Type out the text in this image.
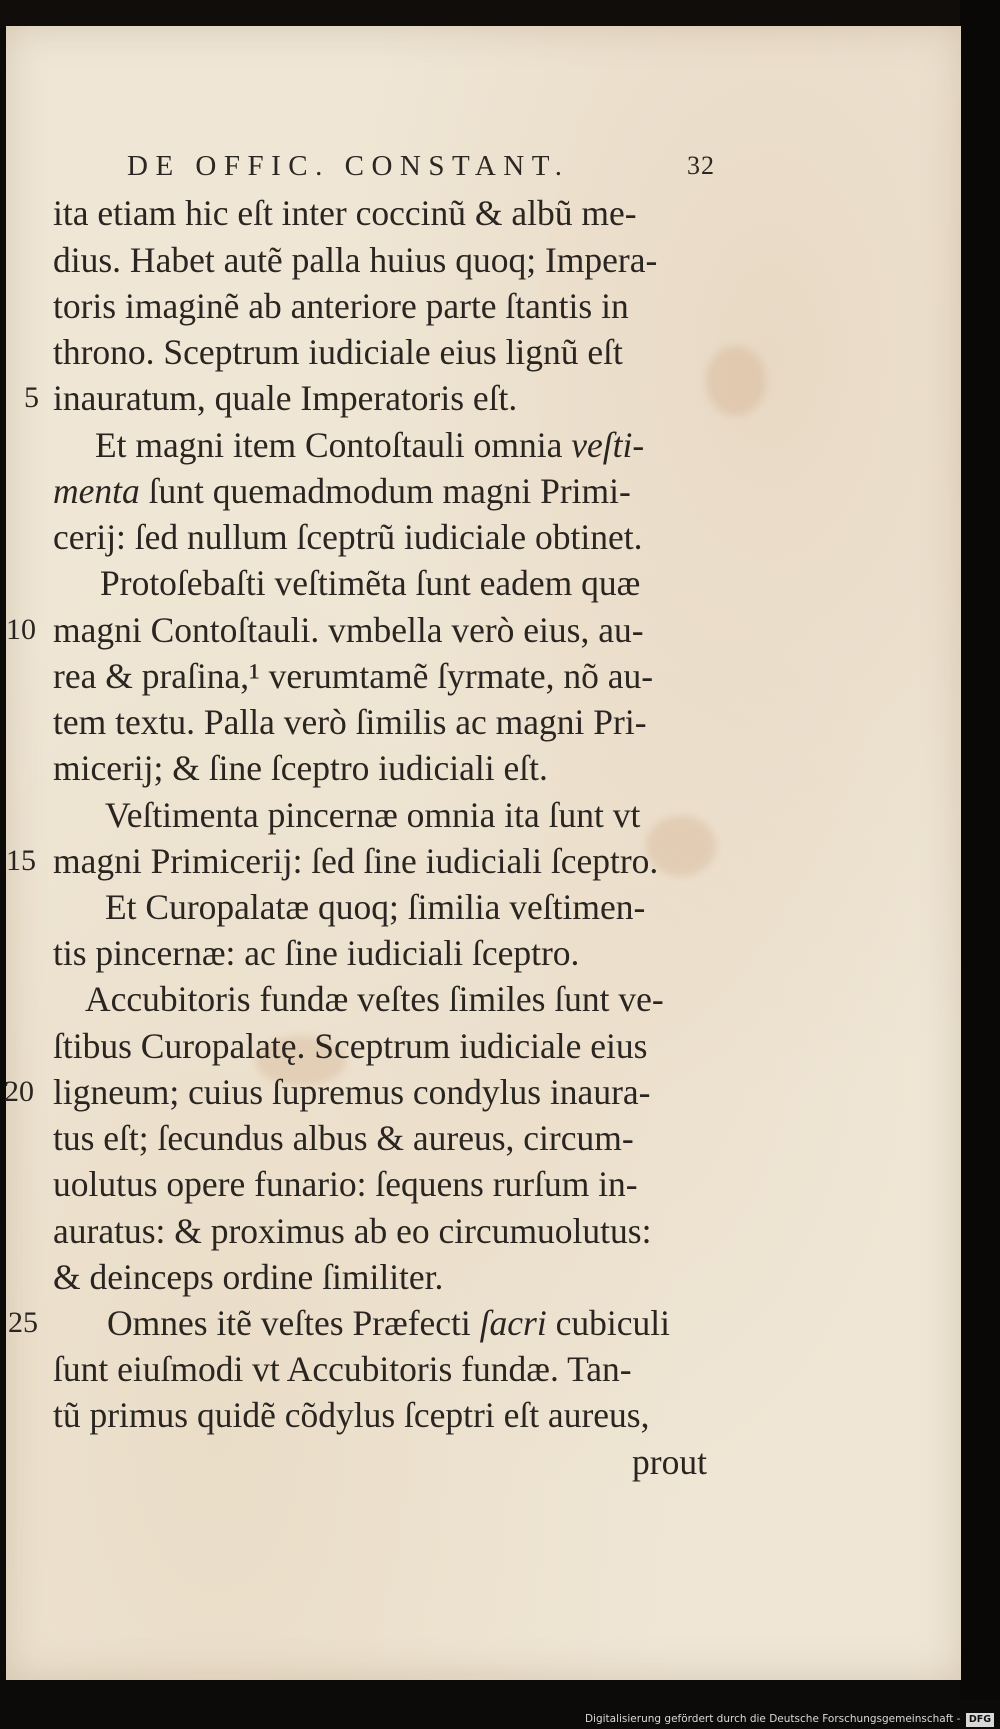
DE OFFIC. CONSTANT.	32
ita etiam hic eſt inter coccinũ & albũ me-
dius. Habet autẽ palla huius quoq; Impera-
toris imaginẽ ab anteriore parte ſtantis in
throno. Sceptrum iudiciale eius lignũ eſt
inauratum, quale Imperatoris eſt.
Et magni item Contoſtauli omnia veſti-
menta ſunt quemadmodum magni Primi-
cerij: ſed nullum ſceptrũ iudiciale obtinet.
Protoſebaſti veſtimẽta ſunt eadem quæ
magni Contoſtauli. vmbella verò eius, au-
rea & praſina,¹ verumtamẽ ſyrmate, nõ au-
tem textu. Palla verò ſimilis ac magni Pri-
micerij; & ſine ſceptro iudiciali eſt.
Veſtimenta pincernæ omnia ita ſunt vt
magni Primicerij: ſed ſine iudiciali ſceptro.
Et Curopalatæ quoq; ſimilia veſtimen-
tis pincernæ: ac ſine iudiciali ſceptro.
Accubitoris fundæ veſtes ſimiles ſunt ve-
ſtibus Curopalatę. Sceptrum iudiciale eius
ligneum; cuius ſupremus condylus inaura-
tus eſt; ſecundus albus & aureus, circum-
uolutus opere funario: ſequens rurſum in-
auratus: & proximus ab eo circumuolutus:
& deinceps ordine ſimiliter.
Omnes itẽ veſtes Præfecti ſacri cubiculi
ſunt eiuſmodi vt Accubitoris fundæ. Tan-
tũ primus quidẽ cõdylus ſceptri eſt aureus,
prout
5
10
15
20
25
Digitalisierung gefördert durch die Deutsche Forschungsgemeinschaft - DFG
